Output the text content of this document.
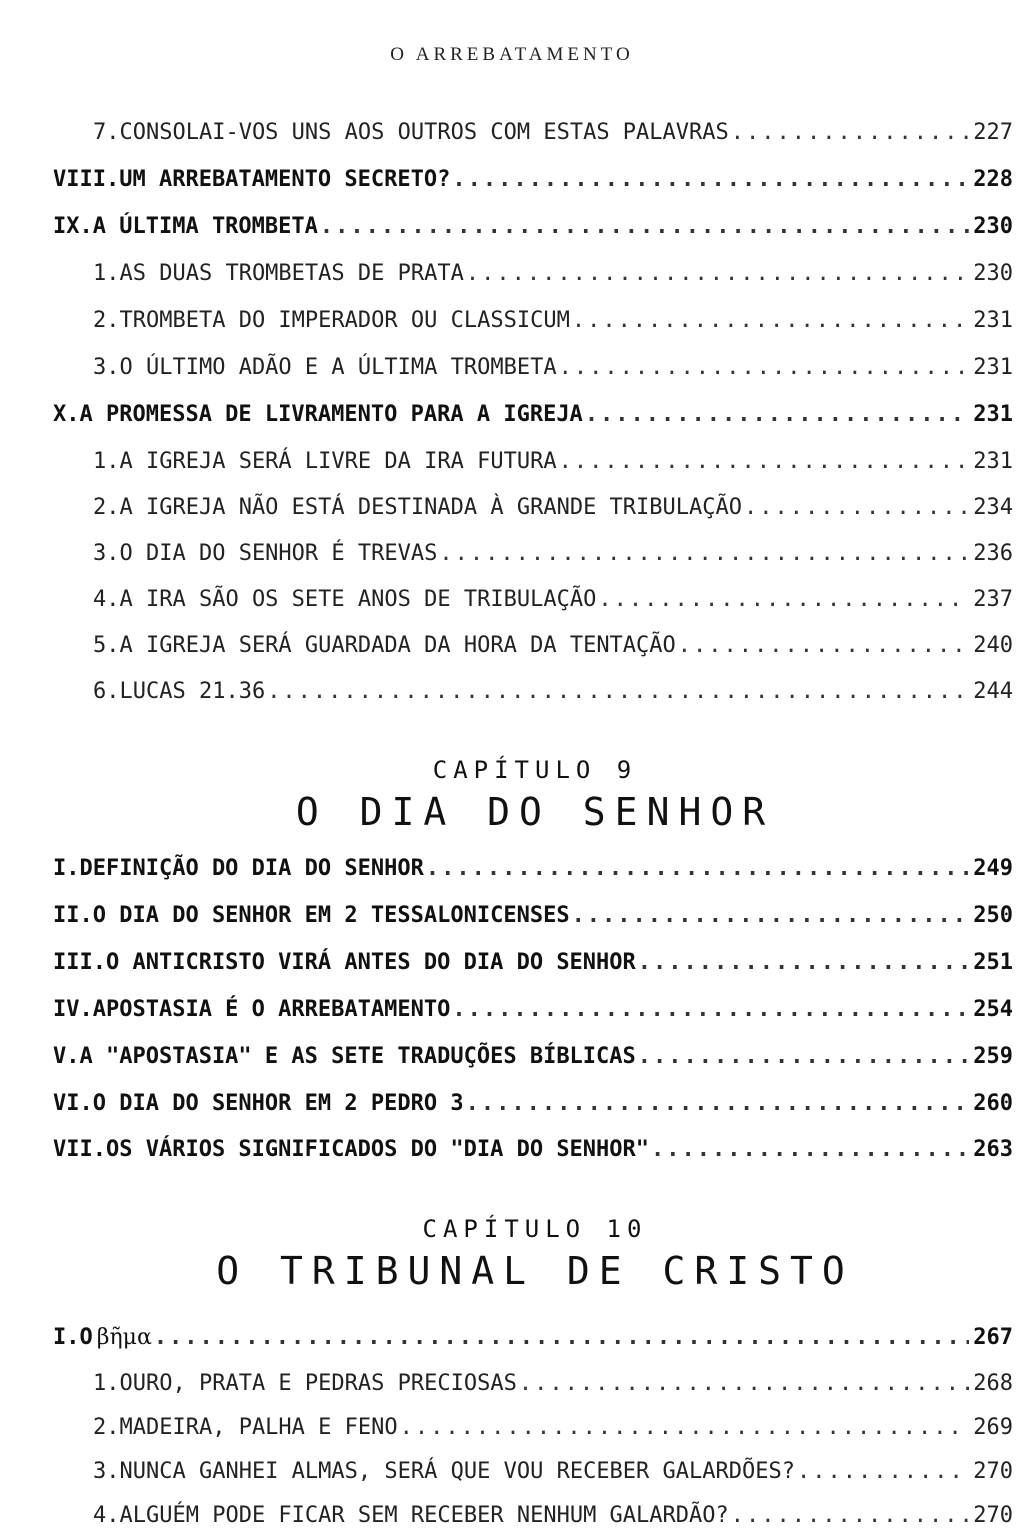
O ARREBATAMENTO
7.CONSOLAI-VOS UNS AOS OUTROS COM ESTAS PALAVRAS .....	227
VIII.UM ARREBATAMENTO SECRETO? .....	228
IX.A ÚLTIMA TROMBETA .....	230
1.AS DUAS TROMBETAS DE PRATA .....	230
2.TROMBETA DO IMPERADOR OU CLASSICUM .....	231
3.O ÚLTIMO ADÃO E A ÚLTIMA TROMBETA .....	231
X.A PROMESSA DE LIVRAMENTO PARA A IGREJA .....	231
1.A IGREJA SERÁ LIVRE DA IRA FUTURA .....	231
2.A IGREJA NÃO ESTÁ DESTINADA À GRANDE TRIBULAÇÃO .....	234
3.O DIA DO SENHOR É TREVAS .....	236
4.A IRA SÃO OS SETE ANOS DE TRIBULAÇÃO .....	237
5.A IGREJA SERÁ GUARDADA DA HORA DA TENTAÇÃO .....	240
6.LUCAS 21.36 .....	244
CAPÍTULO 9
O DIA DO SENHOR
I.DEFINIÇÃO DO DIA DO SENHOR .....	249
II.O DIA DO SENHOR EM 2 TESSALONICENSES .....	250
III.O ANTICRISTO VIRÁ ANTES DO DIA DO SENHOR .....	251
IV.APOSTASIA É O ARREBATAMENTO .....	254
V.A "APOSTASIA" E AS SETE TRADUÇÕES BÍBLICAS .....	259
VI.O DIA DO SENHOR EM 2 PEDRO 3 .....	260
VII.OS VÁRIOS SIGNIFICADOS DO "DIA DO SENHOR" .....	263
CAPÍTULO 10
O TRIBUNAL DE CRISTO
I.O βῆμα .....	267
1.OURO, PRATA E PEDRAS PRECIOSAS .....	268
2.MADEIRA, PALHA E FENO .....	269
3.NUNCA GANHEI ALMAS, SERÁ QUE VOU RECEBER GALARDÕES? .....	270
4.ALGUÉM PODE FICAR SEM RECEBER NENHUM GALARDÃO? .....	270
